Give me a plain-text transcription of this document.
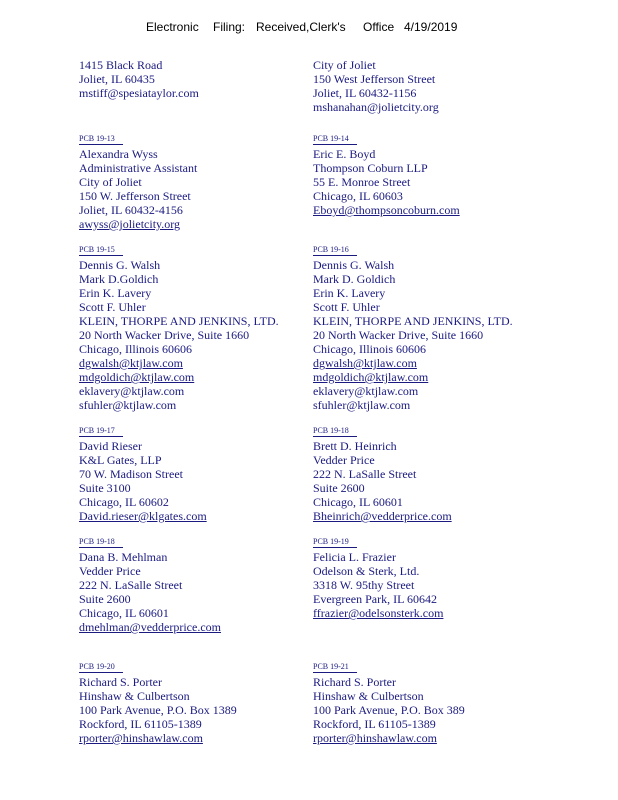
Electronic Filing: Received,Clerk's Office 4/19/2019
1415 Black Road
Joliet, IL 60435
mstiff@spesiataylor.com
City of Joliet
150 West Jefferson Street
Joliet, IL 60432-1156
mshanahan@jolietcity.org
PCB 19-13
Alexandra Wyss
Administrative Assistant
City of Joliet
150 W. Jefferson Street
Joliet, IL 60432-4156
awyss@jolietcity.org
PCB 19-14
Eric E. Boyd
Thompson Coburn LLP
55 E. Monroe Street
Chicago, IL 60603
Eboyd@thompsoncoburn.com
PCB 19-15
Dennis G. Walsh
Mark D.Goldich
Erin K. Lavery
Scott F. Uhler
KLEIN, THORPE AND JENKINS, LTD.
20 North Wacker Drive, Suite 1660
Chicago, Illinois 60606
dgwalsh@ktjlaw.com
mdgoldich@ktjlaw.com
eklavery@ktjlaw.com
sfuhler@ktjlaw.com
PCB 19-16
Dennis G. Walsh
Mark D. Goldich
Erin K. Lavery
Scott F. Uhler
KLEIN, THORPE AND JENKINS, LTD.
20 North Wacker Drive, Suite 1660
Chicago, Illinois 60606
dgwalsh@ktjlaw.com
mdgoldich@ktjlaw.com
eklavery@ktjlaw.com
sfuhler@ktjlaw.com
PCB 19-17
David Rieser
K&L Gates, LLP
70 W. Madison Street
Suite 3100
Chicago, IL 60602
David.rieser@klgates.com
PCB 19-18
Brett D. Heinrich
Vedder Price
222 N. LaSalle Street
Suite 2600
Chicago, IL 60601
Bheinrich@vedderprice.com
PCB 19-18
Dana B. Mehlman
Vedder Price
222 N. LaSalle Street
Suite 2600
Chicago, IL 60601
dmehlman@vedderprice.com
PCB 19-19
Felicia L. Frazier
Odelson & Sterk, Ltd.
3318 W. 95thy Street
Evergreen Park, IL 60642
ffrazier@odelsonsterk.com
PCB 19-20
Richard S. Porter
Hinshaw & Culbertson
100 Park Avenue, P.O. Box 1389
Rockford, IL 61105-1389
rporter@hinshawlaw.com
PCB 19-21
Richard S. Porter
Hinshaw & Culbertson
100 Park Avenue, P.O. Box 389
Rockford, IL 61105-1389
rporter@hinshawlaw.com
